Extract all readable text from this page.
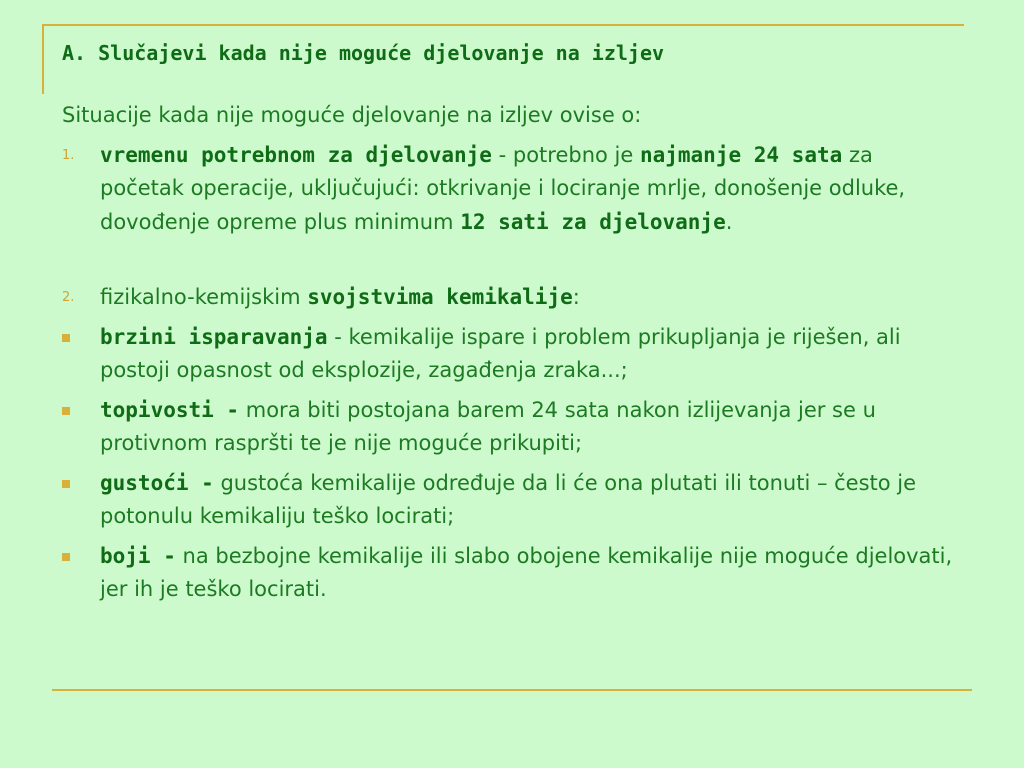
A. Slučajevi kada nije moguće djelovanje na izljev

Situacije kada nije moguće djelovanje na izljev ovise o:

1. vremenu potrebnom za djelovanje - potrebno je najmanje 24 sata za početak operacije, uključujući: otkrivanje i lociranje mrlje, donošenje odluke, dovođenje opreme plus minimum 12 sati za djelovanje.

2. fizikalno-kemijskim svojstvima kemikalije:

brzini isparavanja - kemikalije ispare i problem prikupljanja je riješen, ali postoji opasnost od eksplozije, zagađenja zraka...;

topivosti - mora biti postojana barem 24 sata nakon izlijevanja jer se u protivnom raspršti te je nije moguće prikupiti;

gustoći - gustoća kemikalije određuje da li će ona plutati ili tonuti – često je potonulu kemikaliju teško locirati;

boji - na bezbojne kemikalije ili slabo obojene kemikalije nije moguće djelovati, jer ih je teško locirati.
